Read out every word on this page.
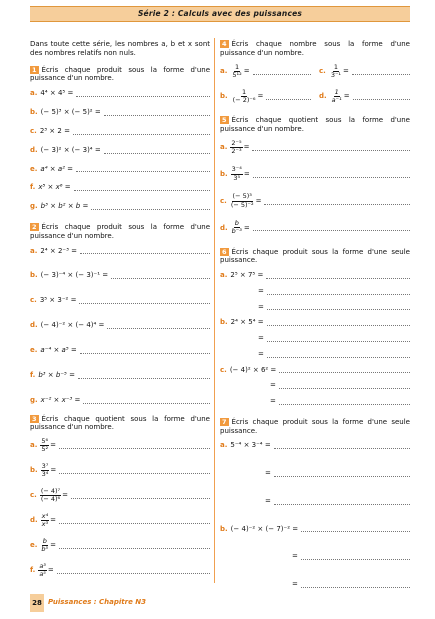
Série 2 : Calculs avec des puissances

Dans toute cette série, les nombres a, b et x sont des nombres relatifs non nuls.

1 Écris chaque produit sous la forme d'une puissance d'un nombre.

a. 4⁴ × 4⁵ =
b. (− 5)³ × (− 5)² =
c. 2³ × 2 =
d. (− 3)² × (− 3)⁴ =
e. a⁴ × a² =
f. x⁵ × x⁶ =
g. b³ × b² × b =

2 Écris chaque produit sous la forme d'une puissance d'un nombre.

a. 2⁴ × 2⁻³ =
b. (− 3)⁻⁴ × (− 3)⁻¹ =
c. 3⁵ × 3⁻² =
d. (− 4)⁻² × (− 4)⁴ =
e. a⁻⁴ × a⁵ =
f. b³ × b⁻⁵ =
g. x⁻² × x⁻³ =

3 Écris chaque quotient sous la forme d'une puissance d'un nombre.

a. $\frac{\text{5⁶}}{\text{5²}}$ =
b. $\frac{\text{3⁷}}{\text{3⁴}}$ =
c. $\frac{\text{(− 4)⁷}}{\text{(− 4)⁶}}$ =
d. $\frac{\text{x⁴}}{\text{x³}}$ =
e. $\frac{b}{\text{b⁵}}$ =
f. $\frac{\text{a³}}{\text{a⁵}}$ =

4 Écris chaque nombre sous la forme d'une puissance d'un nombre.

a. $\frac{1}{\text{5¹²}}$ =	c. $\frac{1}{\text{3⁻¹}}$ =
b. $\frac{1}{\text{(− 2)⁻⁶}}$ =	d. $\frac{1}{\text{a⁻¹}}$ =

5 Écris chaque quotient sous la forme d'une puissance d'un nombre.

a. $\frac{\text{2⁻⁵}}{\text{2⁻³}}$ =
b. $\frac{\text{3⁻⁴}}{\text{3⁵}}$ =
c. $\frac{\text{(− 5)³}}{\text{(− 5)⁻²}}$ =
d. $\frac{b}{\text{b⁻³}}$ =

6 Écris chaque produit sous la forme d'une seule puissance.

a. 2⁵ × 7⁵ =
=
=
b. 2⁴ × 5⁴ =
=
=
c. (− 4)² × 6² =
=
=

7 Écris chaque produit sous la forme d'une seule puissance.

a. 5⁻⁴ × 3⁻⁴ =
=
=
b. (− 4)⁻² × (− 7)⁻² =
=
=
28 Puissances : Chapitre N3
